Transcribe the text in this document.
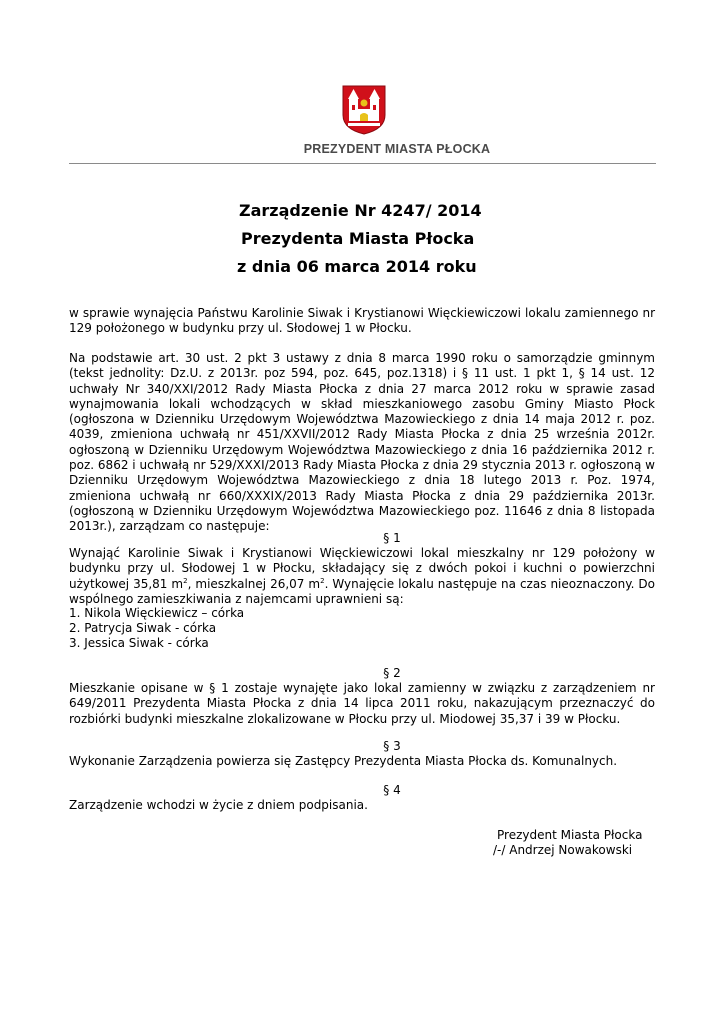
PREZYDENT MIASTA PŁOCKA
Zarządzenie Nr 4247/ 2014
Prezydenta Miasta Płocka
z dnia 06 marca 2014 roku
w sprawie wynajęcia Państwu Karolinie Siwak i Krystianowi Więckiewiczowi lokalu zamiennego nr 129 położonego w budynku przy ul. Słodowej 1 w Płocku.
Na podstawie art. 30 ust. 2 pkt 3 ustawy z dnia 8 marca 1990 roku o samorządzie gminnym (tekst jednolity: Dz.U. z 2013r. poz 594, poz. 645, poz.1318) i § 11 ust. 1 pkt 1, § 14 ust. 12 uchwały Nr 340/XXI/2012 Rady Miasta Płocka z dnia 27 marca 2012 roku w sprawie zasad wynajmowania lokali wchodzących w skład mieszkaniowego zasobu Gminy Miasto Płock (ogłoszona w Dzienniku Urzędowym Województwa Mazowieckiego z dnia 14 maja 2012 r. poz. 4039, zmieniona uchwałą nr 451/XXVII/2012 Rady Miasta Płocka z dnia 25 września 2012r. ogłoszoną w Dzienniku Urzędowym Województwa Mazowieckiego z dnia 16 października 2012 r. poz. 6862 i uchwałą nr 529/XXXI/2013 Rady Miasta Płocka z dnia 29 stycznia 2013 r. ogłoszoną w Dzienniku Urzędowym Województwa Mazowieckiego z dnia 18 lutego 2013 r. Poz. 1974, zmieniona uchwałą nr 660/XXXIX/2013 Rady Miasta Płocka z dnia 29 października 2013r. (ogłoszoną w Dzienniku Urzędowym Województwa Mazowieckiego poz. 11646 z dnia 8 listopada 2013r.), zarządzam co następuje:
§ 1
Wynająć Karolinie Siwak i Krystianowi Więckiewiczowi lokal mieszkalny nr 129 położony w budynku przy ul. Słodowej 1 w Płocku, składający się z dwóch pokoi i kuchni o powierzchni użytkowej 35,81 $m^2$, mieszkalnej 26,07 $m^2$. Wynajęcie lokalu następuje na czas nieoznaczony. Do wspólnego zamieszkiwania z najemcami uprawnieni są:
1. Nikola Więckiewicz – córka
2. Patrycja Siwak - córka
3. Jessica Siwak - córka
§ 2
Mieszkanie opisane w § 1 zostaje wynajęte jako lokal zamienny w związku z zarządzeniem nr 649/2011 Prezydenta Miasta Płocka z dnia 14 lipca 2011 roku, nakazującym przeznaczyć do rozbiórki budynki mieszkalne zlokalizowane w Płocku przy ul. Miodowej 35,37 i 39 w Płocku.
§ 3
Wykonanie Zarządzenia powierza się Zastępcy Prezydenta Miasta Płocka ds. Komunalnych.
§ 4
Zarządzenie wchodzi w życie z dniem podpisania.
Prezydent Miasta Płocka
/-/ Andrzej Nowakowski
